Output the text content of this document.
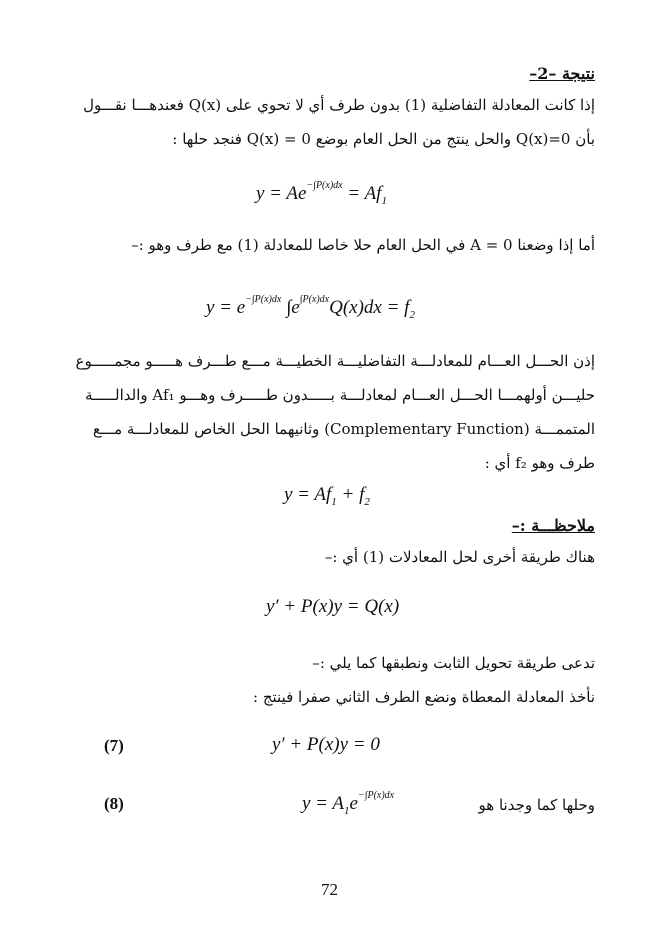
نتيجة –2–
إذا كانت المعادلة التفاضلية (1) بدون طرف أي لا تحوي على Q(x) فعندهـــا نقـــول
بأن Q(x)=0 والحل ينتج من الحل العام بوضع Q(x) = 0 فنجد حلها :
$y = Ae^{-\int P(x)dx} = Af_1$
أما إذا وضعنا A = 0 في الحل العام حلا خاصا للمعادلة (1) مع طرف وهو :–
$y = e^{-\int P(x)dx}$ $\int e^{\int P(x)dx}Q(x)dx = f_2$
إذن الحـــل العـــام للمعادلـــة التفاضليـــة الخطيـــة مـــع طـــرف هـــــو مجمـــــوع
حليـــن أولهمـــا الحـــل العـــام لمعادلـــة بـــــدون طـــــرف وهـــو Af₁ والدالـــــة
المتممـــة (Complementary Function) وثانيهما الحل الخاص للمعادلـــة مـــع
طرف وهو f₂ أي :
$y = Af_1 + f_2$
ملاحظـــة :–
هناك طريقة أخرى لحل المعادلات (1) أي :–
y′ + P(x)y = Q(x)
تدعى طريقة تحويل الثابت ونطبقها كما يلي :–
نأخذ المعادلة المعطاة ونضع الطرف الثاني صفرا فينتج :
(7)	y′ + P(x)y = 0
(8)	$y = A_1e^{-\int P(x)dx}$
وحلها كما وجدنا هو
72
